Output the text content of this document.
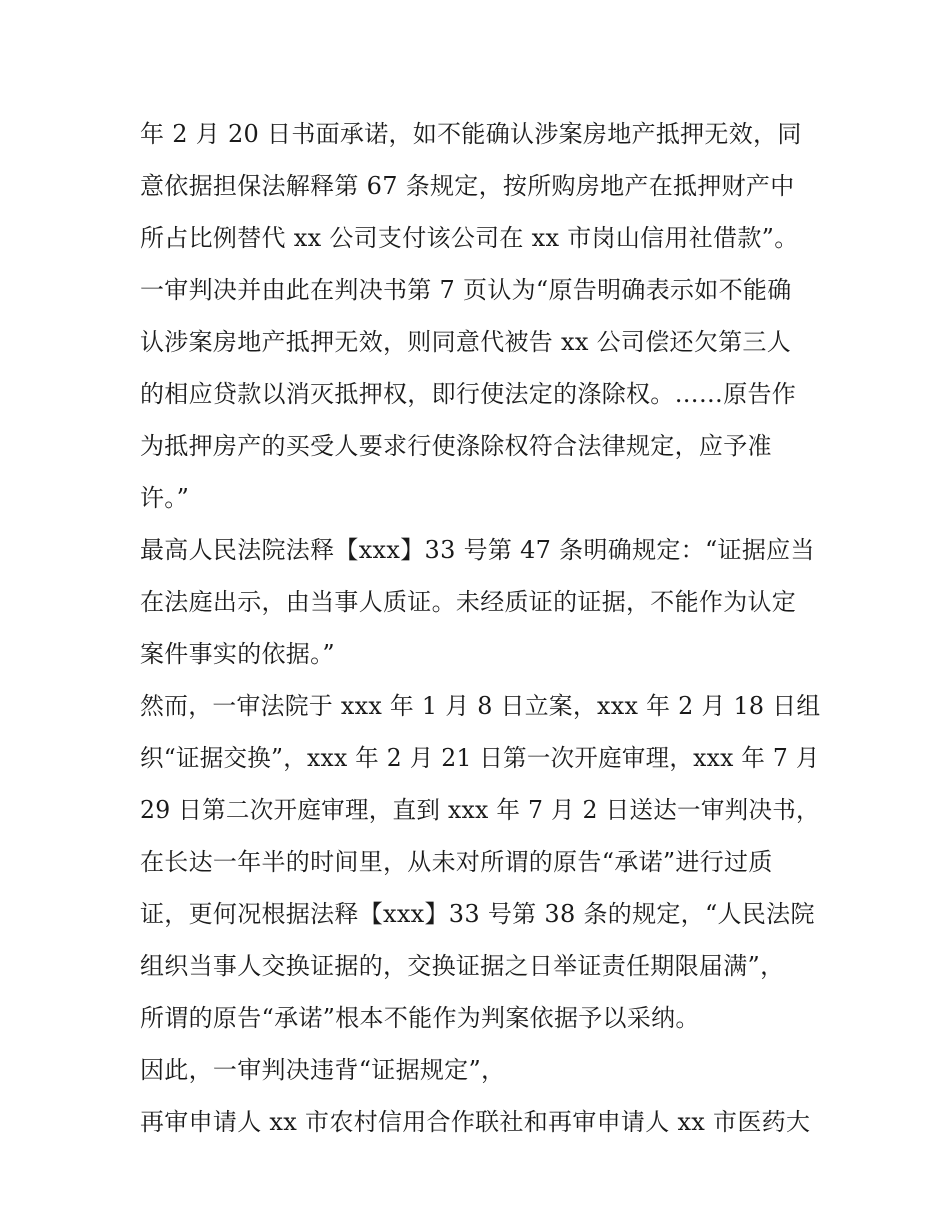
年 2 月 20 日书面承诺，如不能确认涉案房地产抵押无效，同
意依据担保法解释第 67 条规定，按所购房地产在抵押财产中
所占比例替代 xx 公司支付该公司在 xx 市岗山信用社借款”。
一审判决并由此在判决书第 7 页认为“原告明确表示如不能确
认涉案房地产抵押无效，则同意代被告 xx 公司偿还欠第三人
的相应贷款以消灭抵押权，即行使法定的涤除权。……原告作
为抵押房产的买受人要求行使涤除权符合法律规定，应予准
许。”
最高人民法院法释【xxx】33 号第 47 条明确规定：“证据应当
在法庭出示，由当事人质证。未经质证的证据，不能作为认定
案件事实的依据。”
然而，一审法院于 xxx 年 1 月 8 日立案，xxx 年 2 月 18 日组
织“证据交换”，xxx 年 2 月 21 日第一次开庭审理，xxx 年 7 月
29 日第二次开庭审理，直到 xxx 年 7 月 2 日送达一审判决书，
在长达一年半的时间里，从未对所谓的原告“承诺”进行过质
证，更何况根据法释【xxx】33 号第 38 条的规定，“人民法院
组织当事人交换证据的，交换证据之日举证责任期限届满”，
所谓的原告“承诺”根本不能作为判案依据予以采纳。
因此，一审判决违背“证据规定”，
再审申请人 xx 市农村信用合作联社和再审申请人 xx 市医药大
